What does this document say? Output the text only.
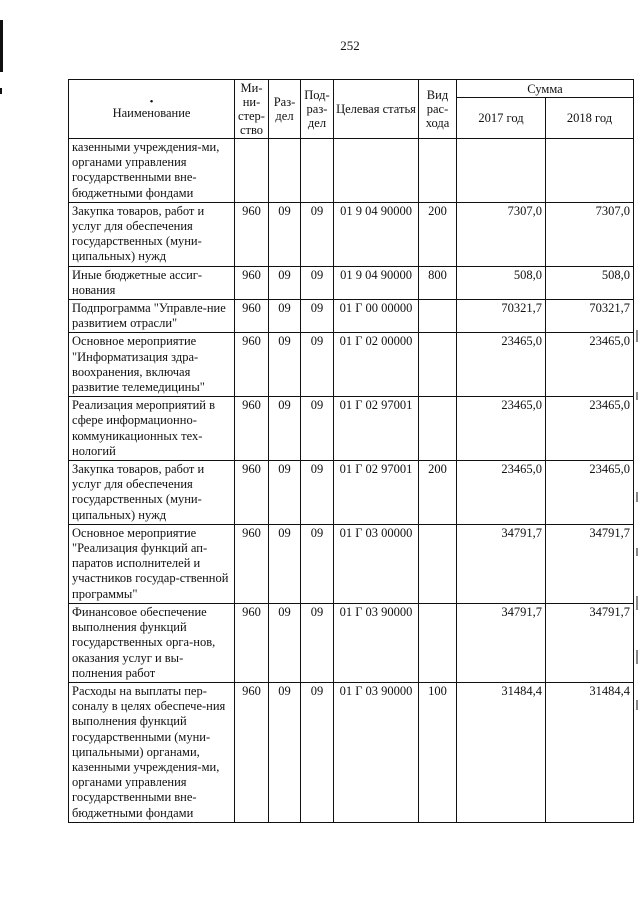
252
•
Наименование	Ми-ни-стер-ство	Раз-дел	Под-раз-дел	Целевая статья	Вид рас-хода	Сумма	
						2017 год	2018 год
казенными учреждения-ми, органами управления государственными вне-бюджетными фондами							
Закупка товаров, работ и услуг для обеспечения государственных (муни-ципальных) нужд	960	09	09	01 9 04 90000	200	7307,0	7307,0
Иные бюджетные ассиг-нования	960	09	09	01 9 04 90000	800	508,0	508,0
Подпрограмма "Управле-ние развитием отрасли"	960	09	09	01 Г 00 00000		70321,7	70321,7
Основное мероприятие "Информатизация здра-воохранения, включая развитие телемедицины"	960	09	09	01 Г 02 00000		23465,0	23465,0
Реализация мероприятий в сфере информационно-коммуникационных тех-нологий	960	09	09	01 Г 02 97001		23465,0	23465,0
Закупка товаров, работ и услуг для обеспечения государственных (муни-ципальных) нужд	960	09	09	01 Г 02 97001	200	23465,0	23465,0
Основное мероприятие "Реализация функций ап-паратов исполнителей и участников государ-ственной программы"	960	09	09	01 Г 03 00000		34791,7	34791,7
Финансовое обеспечение выполнения функций государственных орга-нов, оказания услуг и вы-полнения работ	960	09	09	01 Г 03 90000		34791,7	34791,7
Расходы на выплаты пер-соналу в целях обеспече-ния выполнения функций государственными (муни-ципальными) органами, казенными учреждения-ми, органами управления государственными вне-бюджетными фондами	960	09	09	01 Г 03 90000	100	31484,4	31484,4
